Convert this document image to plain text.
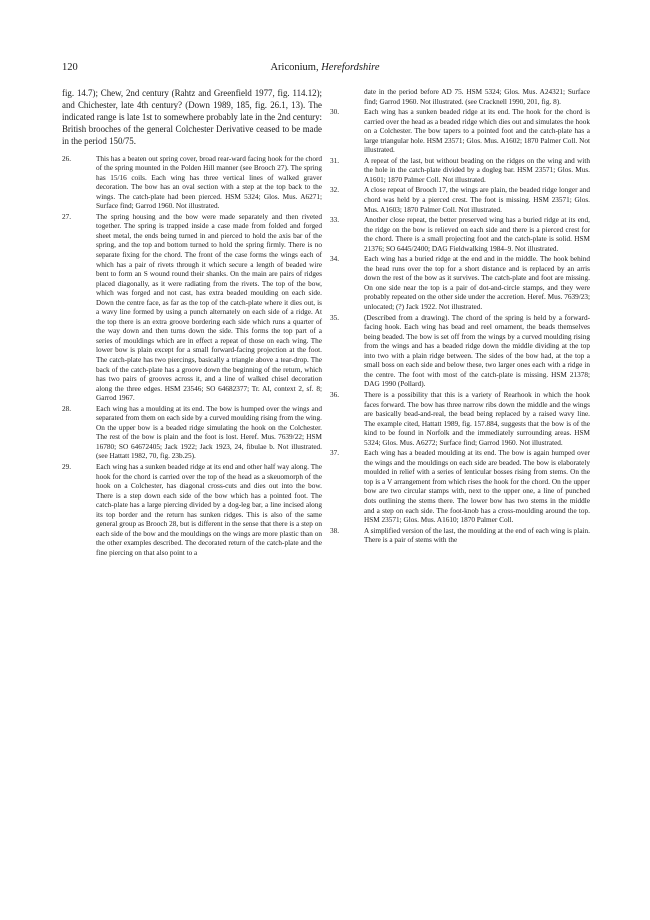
120	Ariconium, Herefordshire

fig. 14.7); Chew, 2nd century (Rahtz and Greenfield 1977, fig. 114.12); and Chichester, late 4th century? (Down 1989, 185, fig. 26.1, 13). The indicated range is late 1st to somewhere probably late in the 2nd century: British brooches of the general Colchester Derivative ceased to be made in the period 150/75.

26.	This has a beaten out spring cover, broad rear-ward facing hook for the chord of the spring mounted in the Polden Hill manner (see Brooch 27). The spring has 15/16 coils. Each wing has three vertical lines of walked graver decoration. The bow has an oval section with a step at the top back to the wings. The catch-plate had been pierced. HSM 5324; Glos. Mus. A6271; Surface find; Garrod 1960. Not illustrated.
27.	The spring housing and the bow were made separately and then riveted together. The spring is trapped inside a case made from folded and forged sheet metal, the ends being turned in and pierced to hold the axis bar of the spring, and the top and bottom turned to hold the spring firmly. There is no separate fixing for the chord. The front of the case forms the wings each of which has a pair of rivets through it which secure a length of beaded wire bent to form an S wound round their shanks. On the main are pairs of ridges placed diagonally, as it were radiating from the rivets. The top of the bow, which was forged and not cast, has extra beaded moulding on each side. Down the centre face, as far as the top of the catch-plate where it dies out, is a wavy line formed by using a punch alternately on each side of a ridge. At the top there is an extra groove bordering each side which runs a quarter of the way down and then turns down the side. This forms the top part of a series of mouldings which are in effect a repeat of those on each wing. The lower bow is plain except for a small forward-facing projection at the foot. The catch-plate has two piercings, basically a triangle above a tear-drop. The back of the catch-plate has a groove down the beginning of the return, which has two pairs of grooves across it, and a line of walked chisel decoration along the three edges. HSM 23546; SO 64682377; Tr. AI, context 2, sf. 8; Garrod 1967.
28.	Each wing has a moulding at its end. The bow is humped over the wings and separated from them on each side by a curved moulding rising from the wing. On the upper bow is a beaded ridge simulating the hook on the Colchester. The rest of the bow is plain and the foot is lost. Heref. Mus. 7639/22; HSM 16780; SO 64672405; Jack 1922; Jack 1923, 24, fibulae b. Not illustrated. (see Hattatt 1982, 70, fig. 23b.25).
29.	Each wing has a sunken beaded ridge at its end and other half way along. The hook for the chord is carried over the top of the head as a skeuomorph of the hook on a Colchester, has diagonal cross-cuts and dies out into the bow. There is a step down each side of the bow which has a pointed foot. The catch-plate has a large piercing divided by a dog-leg bar, a line incised along its top border and the return has sunken ridges. This is also of the same general group as Brooch 28, but is different in the sense that there is a step on each side of the bow and the mouldings on the wings are more plastic than on the other examples described. The decorated return of the catch-plate and the fine piercing on that also point to a
date in the period before AD 75. HSM 5324; Glos. Mus. A24321; Surface find; Garrod 1960. Not illustrated. (see Cracknell 1990, 201, fig. 8).
30.	Each wing has a sunken beaded ridge at its end. The hook for the chord is carried over the head as a beaded ridge which dies out and simulates the hook on a Colchester. The bow tapers to a pointed foot and the catch-plate has a large triangular hole. HSM 23571; Glos. Mus. A1602; 1870 Palmer Coll. Not illustrated.
31.	A repeat of the last, but without beading on the ridges on the wing and with the hole in the catch-plate divided by a dogleg bar. HSM 23571; Glos. Mus. A1601; 1870 Palmer Coll. Not illustrated.
32.	A close repeat of Brooch 17, the wings are plain, the beaded ridge longer and chord was held by a pierced crest. The foot is missing. HSM 23571; Glos. Mus. A1603; 1870 Palmer Coll. Not illustrated.
33.	Another close repeat, the better preserved wing has a buried ridge at its end, the ridge on the bow is relieved on each side and there is a pierced crest for the chord. There is a small projecting foot and the catch-plate is solid. HSM 21376; SO 6445/2400; DAG Fieldwalking 1984–9. Not illustrated.
34.	Each wing has a buried ridge at the end and in the middle. The hook behind the head runs over the top for a short distance and is replaced by an arris down the rest of the bow as it survives. The catch-plate and foot are missing. On one side near the top is a pair of dot-and-circle stamps, and they were probably repeated on the other side under the accretion. Heref. Mus. 7639/23; unlocated; (?) Jack 1922. Not illustrated.
35.	(Described from a drawing). The chord of the spring is held by a forward-facing hook. Each wing has bead and reel ornament, the beads themselves being beaded. The bow is set off from the wings by a curved moulding rising from the wings and has a beaded ridge down the middle dividing at the top into two with a plain ridge between. The sides of the bow had, at the top a small boss on each side and below these, two larger ones each with a ridge in the centre. The foot with most of the catch-plate is missing. HSM 21378; DAG 1990 (Pollard).
36.	There is a possibility that this is a variety of Rearhook in which the hook faces forward. The bow has three narrow ribs down the middle and the wings are basically bead-and-real, the bead being replaced by a raised wavy line. The example cited, Hattatt 1989, fig. 157.884, suggests that the bow is of the kind to be found in Norfolk and the immediately surrounding areas. HSM 5324; Glos. Mus. A6272; Surface find; Garrod 1960. Not illustrated.
37.	Each wing has a beaded moulding at its end. The bow is again humped over the wings and the mouldings on each side are beaded. The bow is elaborately moulded in relief with a series of lenticular bosses rising from stems. On the top is a V arrangement from which rises the hook for the chord. On the upper bow are two circular stamps with, next to the upper one, a line of punched dots outlining the stems there. The lower bow has two stems in the middle and a step on each side. The foot-knob has a cross-moulding around the top. HSM 23571; Glos. Mus. A1610; 1870 Palmer Coll.
38.	A simplified version of the last, the moulding at the end of each wing is plain. There is a pair of stems with the
